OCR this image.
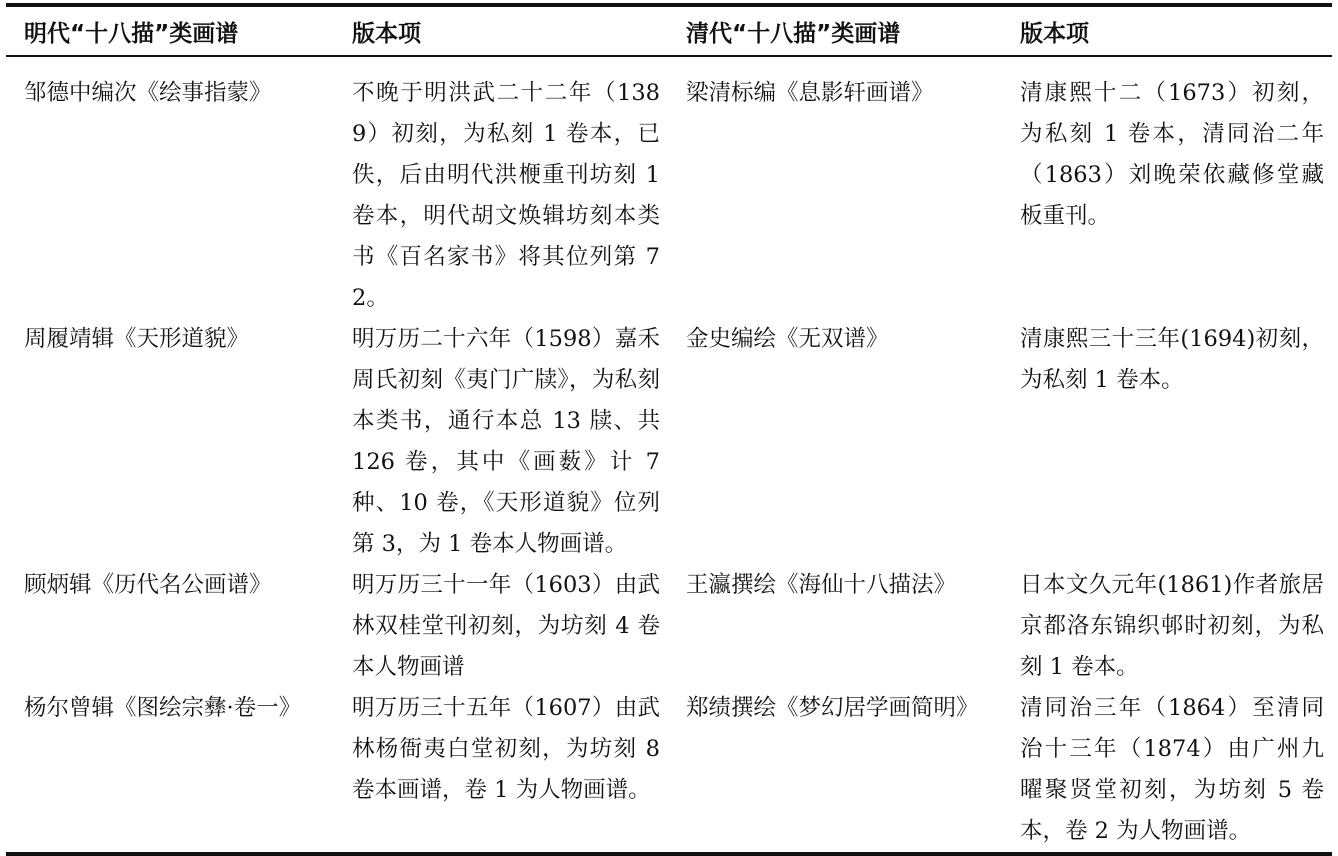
明代“十八描”类画谱	版本项	清代“十八描”类画谱	版本项
邹德中编次《绘事指蒙》	不晚于明洪武二十二年（1389）初刻，为私刻 1 卷本，已佚，后由明代洪楩重刊坊刻 1 卷本，明代胡文焕辑坊刻本类书《百名家书》将其位列第 72。	梁清标编《息影轩画谱》	清康熙十二（1673）初刻，为私刻 1 卷本，清同治二年（1863）刘晚荣依藏修堂藏板重刊。
周履靖辑《天形道貌》	明万历二十六年（1598）嘉禾周氏初刻《夷门广牍》，为私刻本类书，通行本总 13 牍、共 126 卷，其中《画薮》计 7 种、10 卷，《天形道貌》位列第 3，为 1 卷本人物画谱。	金史编绘《无双谱》	清康熙三十三年(1694)初刻，为私刻 1 卷本。
顾炳辑《历代名公画谱》	明万历三十一年（1603）由武林双桂堂刊初刻，为坊刻 4 卷本人物画谱	王瀛撰绘《海仙十八描法》	日本文久元年(1861)作者旅居京都洛东锦织邨时初刻，为私刻 1 卷本。
杨尔曾辑《图绘宗彝·卷一》	明万历三十五年（1607）由武林杨衙夷白堂初刻，为坊刻 8 卷本画谱，卷 1 为人物画谱。	郑绩撰绘《梦幻居学画简明》	清同治三年（1864）至清同治十三年（1874）由广州九曜聚贤堂初刻，为坊刻 5 卷本，卷 2 为人物画谱。
